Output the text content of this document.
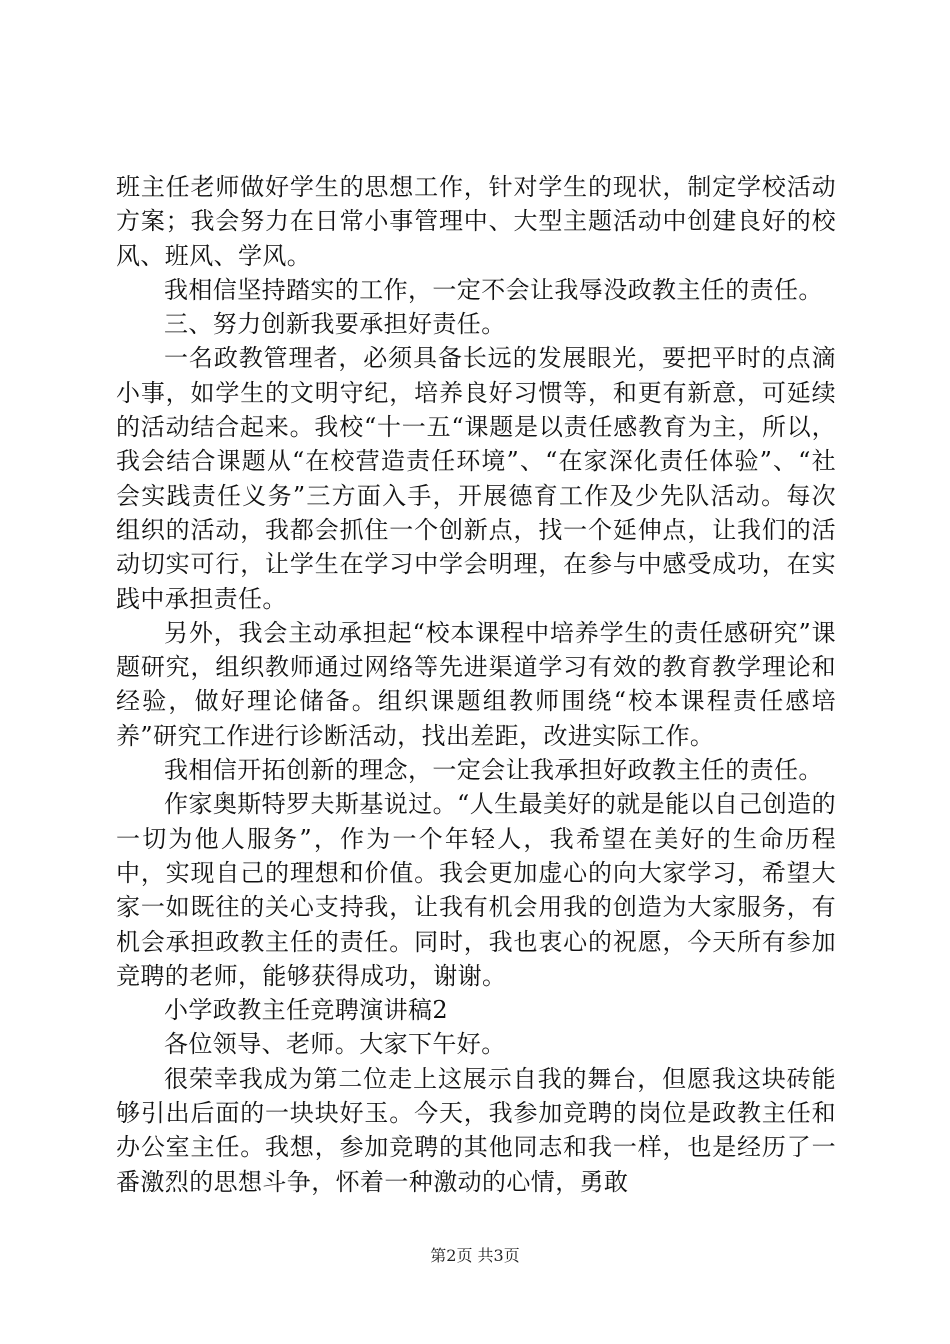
班主任老师做好学生的思想工作，针对学生的现状，制定学校活动方案；我会努力在日常小事管理中、大型主题活动中创建良好的校风、班风、学风。

我相信坚持踏实的工作，一定不会让我辱没政教主任的责任。

三、努力创新我要承担好责任。

一名政教管理者，必须具备长远的发展眼光，要把平时的点滴小事，如学生的文明守纪，培养良好习惯等，和更有新意，可延续的活动结合起来。我校“十一五“课题是以责任感教育为主，所以，我会结合课题从“在校营造责任环境”、“在家深化责任体验”、“社会实践责任义务”三方面入手，开展德育工作及少先队活动。每次组织的活动，我都会抓住一个创新点，找一个延伸点，让我们的活动切实可行，让学生在学习中学会明理，在参与中感受成功，在实践中承担责任。

另外，我会主动承担起“校本课程中培养学生的责任感研究”课题研究，组织教师通过网络等先进渠道学习有效的教育教学理论和经验，做好理论储备。组织课题组教师围绕“校本课程责任感培养”研究工作进行诊断活动，找出差距，改进实际工作。

我相信开拓创新的理念，一定会让我承担好政教主任的责任。

作家奥斯特罗夫斯基说过。“人生最美好的就是能以自己创造的一切为他人服务”，作为一个年轻人，我希望在美好的生命历程中，实现自己的理想和价值。我会更加虚心的向大家学习，希望大家一如既往的关心支持我，让我有机会用我的创造为大家服务，有机会承担政教主任的责任。同时，我也衷心的祝愿，今天所有参加竞聘的老师，能够获得成功，谢谢。

小学政教主任竞聘演讲稿2

各位领导、老师。大家下午好。

很荣幸我成为第二位走上这展示自我的舞台，但愿我这块砖能够引出后面的一块块好玉。今天，我参加竞聘的岗位是政教主任和办公室主任。我想，参加竞聘的其他同志和我一样，也是经历了一番激烈的思想斗争，怀着一种激动的心情，勇敢

第2页 共3页
